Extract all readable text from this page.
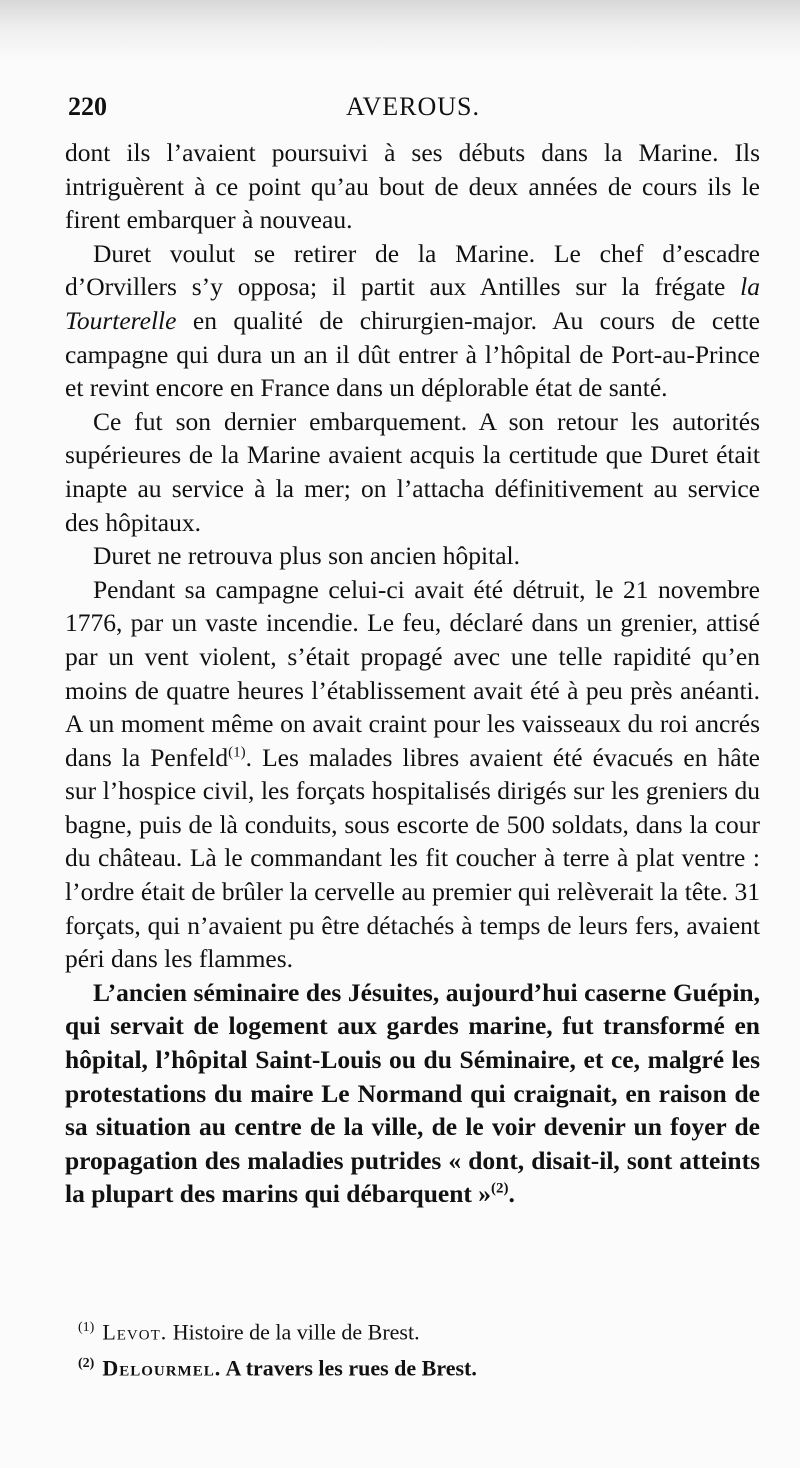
220	AVEROUS.

dont ils l’avaient poursuivi à ses débuts dans la Marine. Ils intriguèrent à ce point qu’au bout de deux années de cours ils le firent embarquer à nouveau.

Duret voulut se retirer de la Marine. Le chef d’escadre d’Orvillers s’y opposa; il partit aux Antilles sur la frégate la Tourterelle en qualité de chirurgien-major. Au cours de cette campagne qui dura un an il dût entrer à l’hôpital de Port-au-Prince et revint encore en France dans un déplorable état de santé.

Ce fut son dernier embarquement. A son retour les autorités supérieures de la Marine avaient acquis la certitude que Duret était inapte au service à la mer; on l’attacha définitivement au service des hôpitaux.

Duret ne retrouva plus son ancien hôpital.

Pendant sa campagne celui-ci avait été détruit, le 21 novembre 1776, par un vaste incendie. Le feu, déclaré dans un grenier, attisé par un vent violent, s’était propagé avec une telle rapidité qu’en moins de quatre heures l’établissement avait été à peu près anéanti. A un moment même on avait craint pour les vaisseaux du roi ancrés dans la Penfeld$^{(1)}$. Les malades libres avaient été évacués en hâte sur l’hospice civil, les forçats hospitalisés dirigés sur les greniers du bagne, puis de là conduits, sous escorte de 500 soldats, dans la cour du château. Là le commandant les fit coucher à terre à plat ventre : l’ordre était de brûler la cervelle au premier qui relèverait la tête. 31 forçats, qui n’avaient pu être détachés à temps de leurs fers, avaient péri dans les flammes.

L’ancien séminaire des Jésuites, aujourd’hui caserne Guépin, qui servait de logement aux gardes marine, fut transformé en hôpital, l’hôpital Saint-Louis ou du Séminaire, et ce, malgré les protestations du maire Le Normand qui craignait, en raison de sa situation au centre de la ville, de le voir devenir un foyer de propagation des maladies putrides « dont, disait-il, sont atteints la plupart des marins qui débarquent »$^{(2)}$.

$^{(1)}$ Levot. Histoire de la ville de Brest.
$^{(2)}$ Delourmel. A travers les rues de Brest.
